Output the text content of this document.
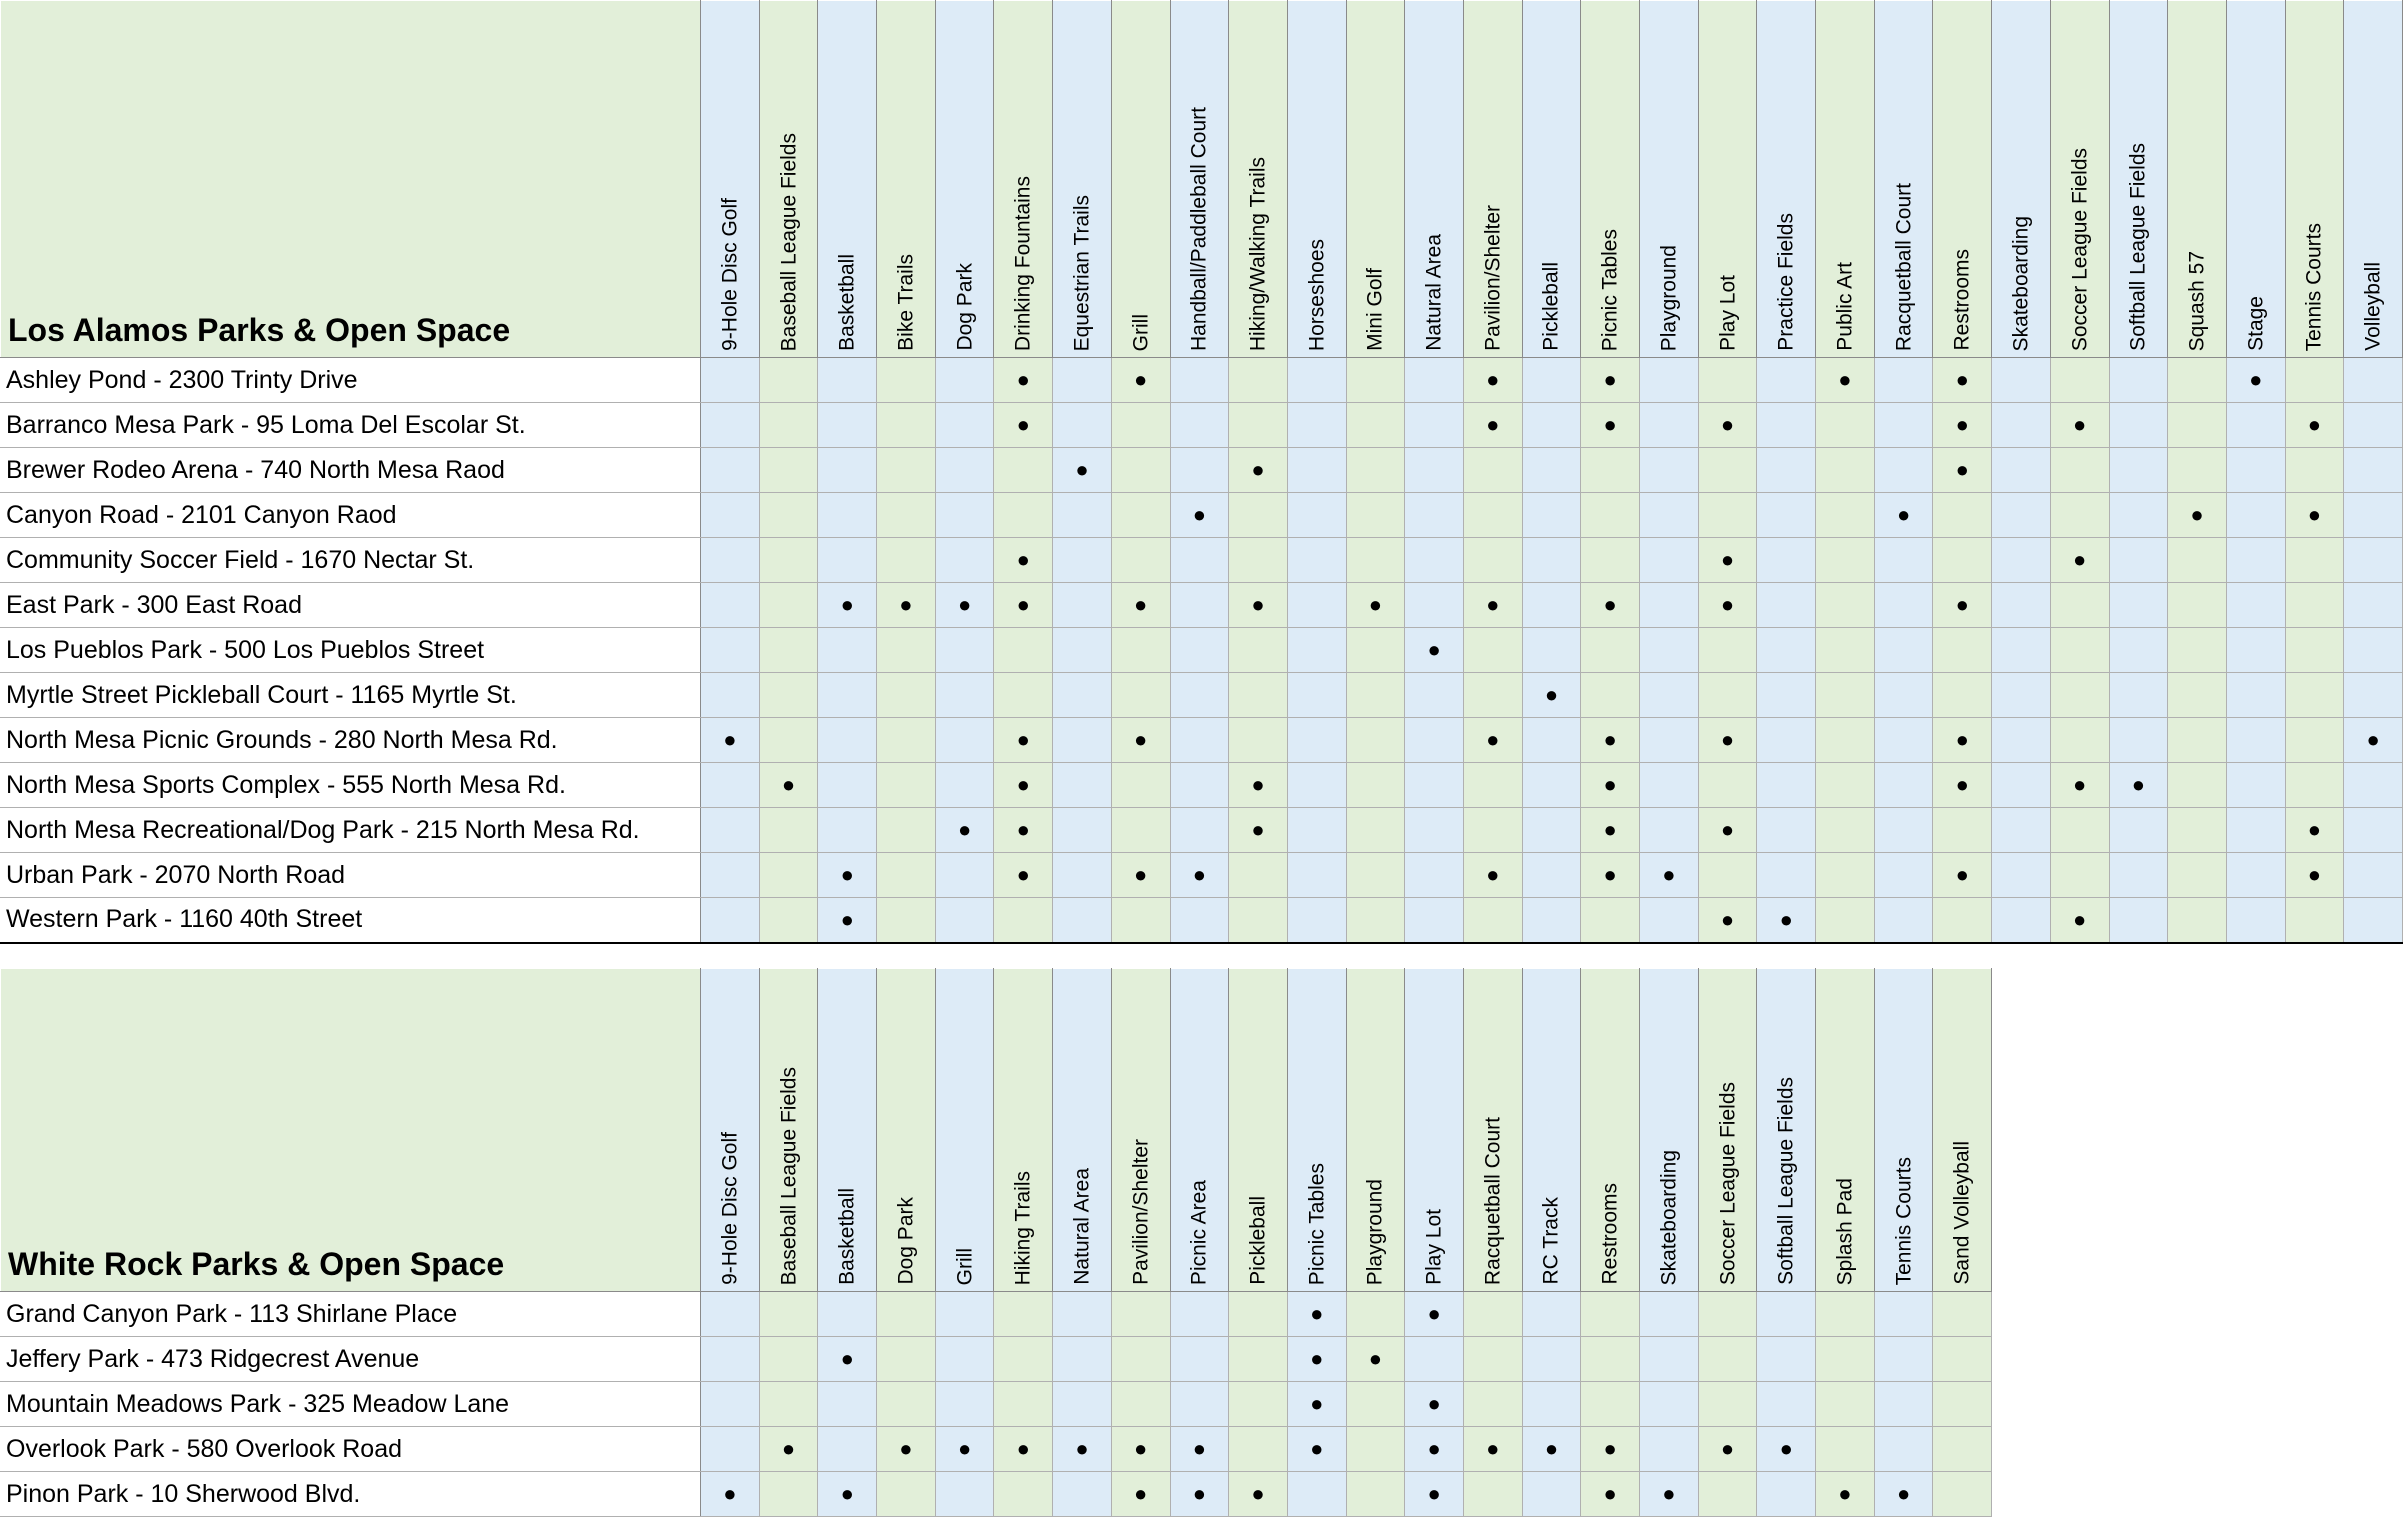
Los Alamos Parks & Open Space	9-Hole Disc Golf	Baseball League Fields	Basketball	Bike Trails	Dog Park	Drinking Fountains	Equestrian Trails	Grill	Handball/Paddleball Court	Hiking/Walking Trails	Horseshoes	Mini Golf	Natural Area	Pavilion/Shelter	Pickleball	Picnic Tables	Playground	Play Lot	Practice Fields	Public Art	Racquetball Court	Restrooms	Skateboarding	Soccer League Fields	Softball League Fields	Squash 57	Stage	Tennis Courts	Volleyball

Ashley Pond - 2300 Trinty Drive						●		●						●		●				●		●					●		
Barranco Mesa Park - 95 Loma Del Escolar St.						●								●		●		●				●		●				●	
Brewer Rodeo Arena - 740 North Mesa Raod							●			●												●							
Canyon Road - 2101 Canyon Raod									●												●					●		●	
Community Soccer Field - 1670 Nectar St.						●												●						●					
East Park - 300 East Road			●	●	●	●		●		●		●		●		●		●				●							
Los Pueblos Park - 500 Los Pueblos Street													●																
Myrtle Street Pickleball Court - 1165 Myrtle St.															●														
North Mesa Picnic Grounds - 280 North Mesa Rd.	●					●		●						●		●		●				●							●
North Mesa Sports Complex - 555 North Mesa Rd.		●				●				●						●						●		●	●				
North Mesa Recreational/Dog Park - 215 North Mesa Rd.					●	●				●						●		●										●	
Urban Park - 2070 North Road			●			●		●	●					●		●	●					●						●	
Western Park - 1160 40th Street			●															●	●					●					
White Rock Parks & Open Space	9-Hole Disc Golf	Baseball League Fields	Basketball	Dog Park	Grill	Hiking Trails	Natural Area	Pavilion/Shelter	Picnic Area	Pickleball	Picnic Tables	Playground	Play Lot	Racquetball Court	RC Track	Restrooms	Skateboarding	Soccer League Fields	Softball League Fields	Splash Pad	Tennis Courts	Sand Volleyball

Grand Canyon Park - 113 Shirlane Place											●		●									
Jeffery Park - 473 Ridgecrest Avenue			●								●	●										
Mountain Meadows Park - 325 Meadow Lane											●		●									
Overlook Park - 580 Overlook Road		●		●	●	●	●	●	●		●		●	●	●	●		●	●			
Pinon Park - 10 Sherwood Blvd.	●		●					●	●	●			●			●	●			●	●	
